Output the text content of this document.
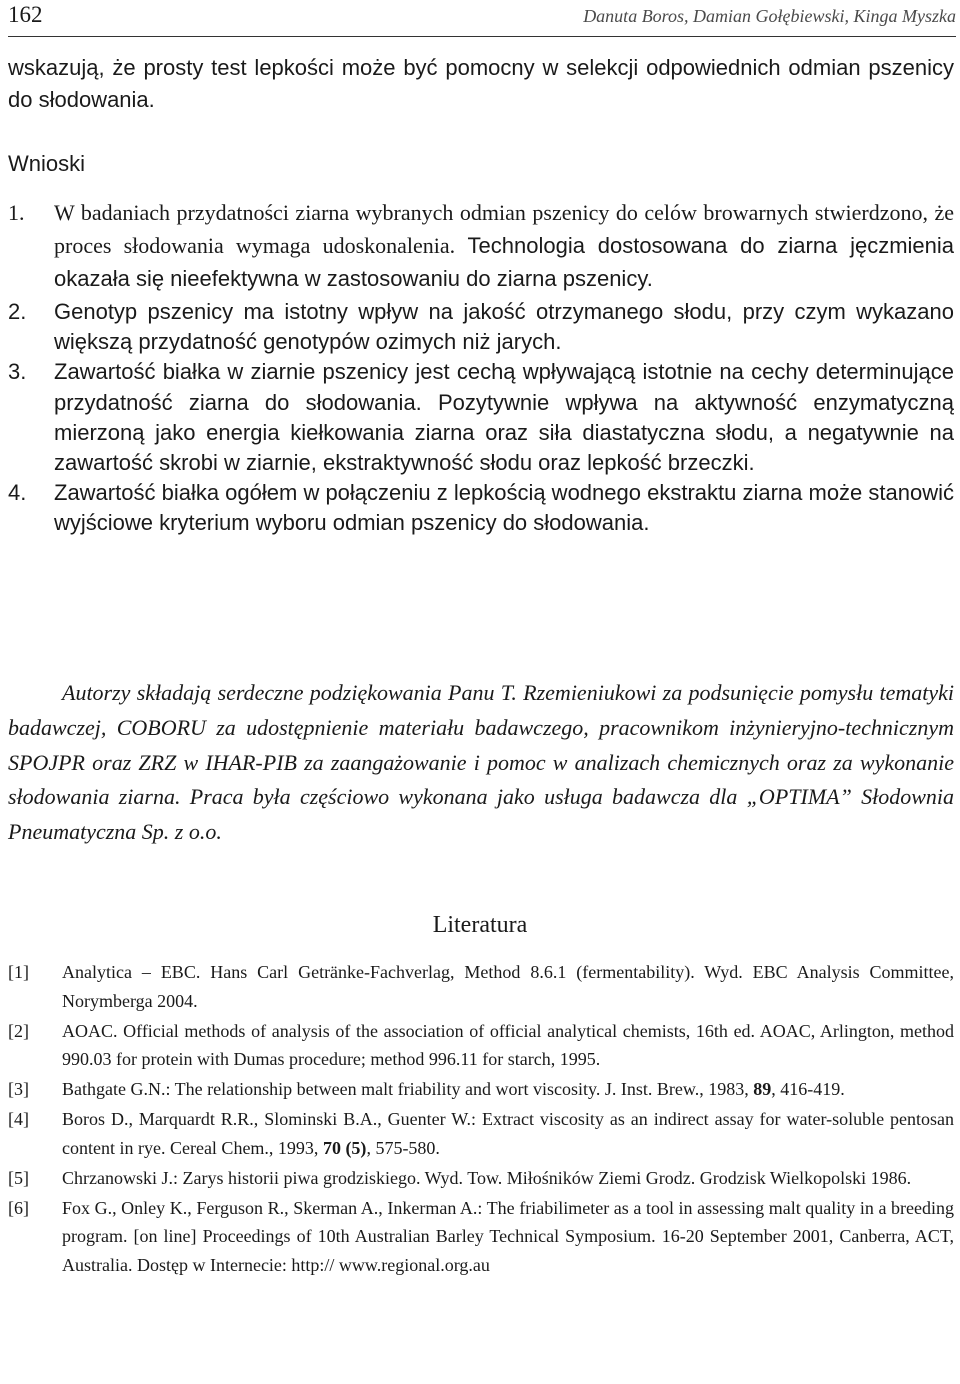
162	Danuta Boros, Damian Gołębiewski, Kinga Myszka

wskazują, że prosty test lepkości może być pomocny w selekcji odpowiednich odmian pszenicy do słodowania.

Wnioski
1. W badaniach przydatności ziarna wybranych odmian pszenicy do celów browarnych stwierdzono, że proces słodowania wymaga udoskonalenia. Technologia dostosowana do ziarna jęczmienia okazała się nieefektywna w zastosowaniu do ziarna pszenicy.
2. Genotyp pszenicy ma istotny wpływ na jakość otrzymanego słodu, przy czym wykazano większą przydatność genotypów ozimych niż jarych.
3. Zawartość białka w ziarnie pszenicy jest cechą wpływającą istotnie na cechy determinujące przydatność ziarna do słodowania. Pozytywnie wpływa na aktywność enzymatyczną mierzoną jako energia kiełkowania ziarna oraz siła diastatyczna słodu, a negatywnie na zawartość skrobi w ziarnie, ekstraktywność słodu oraz lepkość brzeczki.
4. Zawartość białka ogółem w połączeniu z lepkością wodnego ekstraktu ziarna może stanowić wyjściowe kryterium wyboru odmian pszenicy do słodowania.

Autorzy składają serdeczne podziękowania Panu T. Rzemieniukowi za podsunięcie pomysłu tematyki badawczej, COBORU za udostępnienie materiału badawczego, pracownikom inżynieryjno-technicznym SPOJPR oraz ZRZ w IHAR-PIB za zaangażowanie i pomoc w analizach chemicznych oraz za wykonanie słodowania ziarna. Praca była częściowo wykonana jako usługa badawcza dla „OPTIMA” Słodownia Pneumatyczna Sp. z o.o.

Literatura
[1] Analytica – EBC. Hans Carl Getränke-Fachverlag, Method 8.6.1 (fermentability). Wyd. EBC Analysis Committee, Norymberga 2004.
[2] AOAC. Official methods of analysis of the association of official analytical chemists, 16th ed. AOAC, Arlington, method 990.03 for protein with Dumas procedure; method 996.11 for starch, 1995.
[3] Bathgate G.N.: The relationship between malt friability and wort viscosity. J. Inst. Brew., 1983, 89, 416-419.
[4] Boros D., Marquardt R.R., Slominski B.A., Guenter W.: Extract viscosity as an indirect assay for water-soluble pentosan content in rye. Cereal Chem., 1993, 70 (5), 575-580.
[5] Chrzanowski J.: Zarys historii piwa grodziskiego. Wyd. Tow. Miłośników Ziemi Grodz. Grodzisk Wielkopolski 1986.
[6] Fox G., Onley K., Ferguson R., Skerman A., Inkerman A.: The friabilimeter as a tool in assessing malt quality in a breeding program. [on line] Proceedings of 10th Australian Barley Technical Symposium. 16-20 September 2001, Canberra, ACT, Australia. Dostęp w Internecie: http:// www.regional.org.au
